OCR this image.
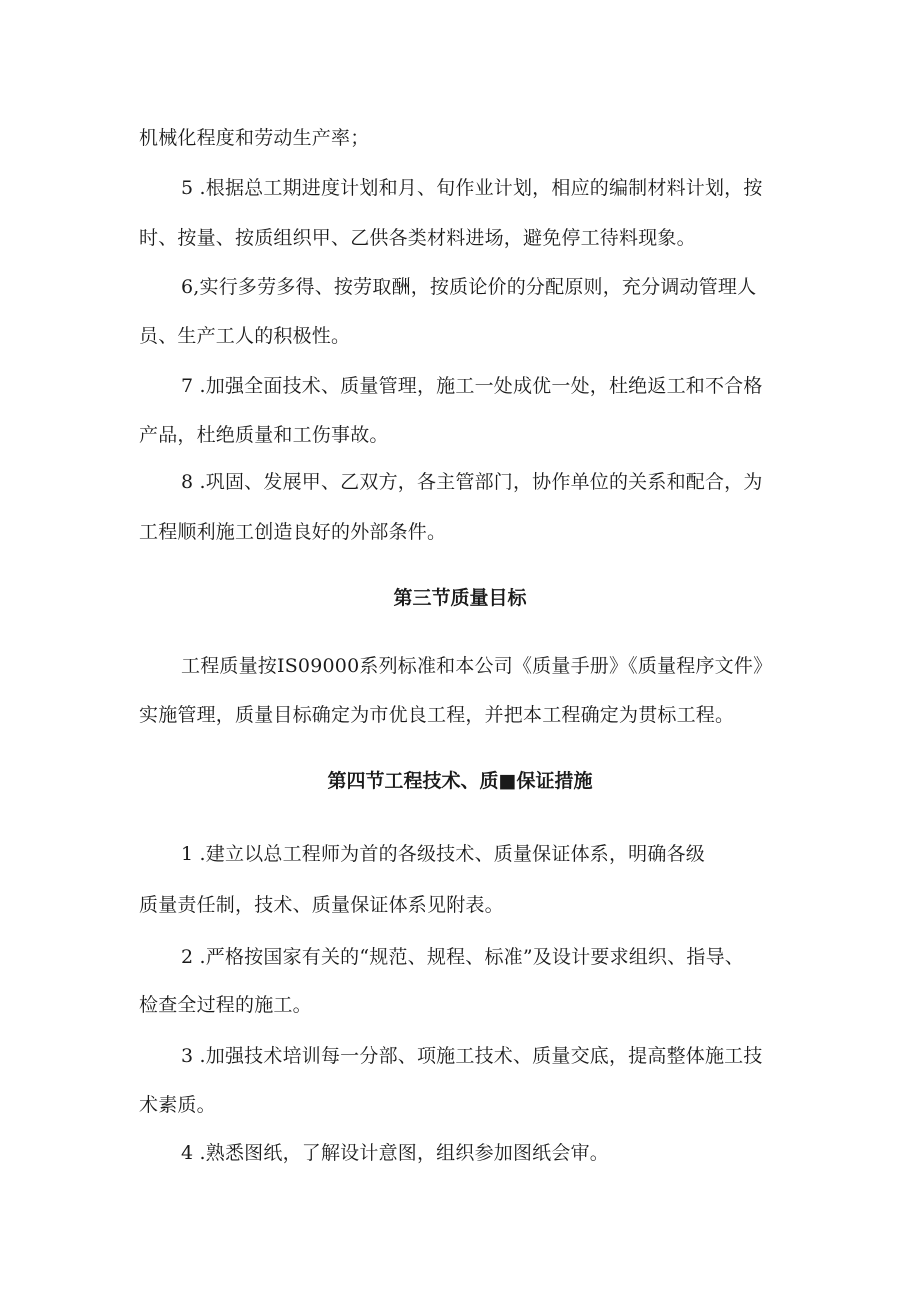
机械化程度和劳动生产率；
5 .根据总工期进度计划和月、旬作业计划，相应的编制材料计划，按
时、按量、按质组织甲、乙供各类材料进场，避免停工待料现象。
6,实行多劳多得、按劳取酬，按质论价的分配原则，充分调动管理人
员、生产工人的积极性。
7 .加强全面技术、质量管理，施工一处成优一处，杜绝返工和不合格
产品，杜绝质量和工伤事故。
8 .巩固、发展甲、乙双方，各主管部门，协作单位的关系和配合，为
工程顺利施工创造良好的外部条件。
第三节质量目标
工程质量按IS09000系列标准和本公司《质量手册》《质量程序文件》
实施管理，质量目标确定为市优良工程，并把本工程确定为贯标工程。
第四节工程技术、质■保证措施
1 .建立以总工程师为首的各级技术、质量保证体系，明确各级
质量责任制，技术、质量保证体系见附表。
2 .严格按国家有关的“规范、规程、标准”及设计要求组织、指导、
检查全过程的施工。
3 .加强技术培训每一分部、项施工技术、质量交底，提高整体施工技
术素质。
4 .熟悉图纸，了解设计意图，组织参加图纸会审。
